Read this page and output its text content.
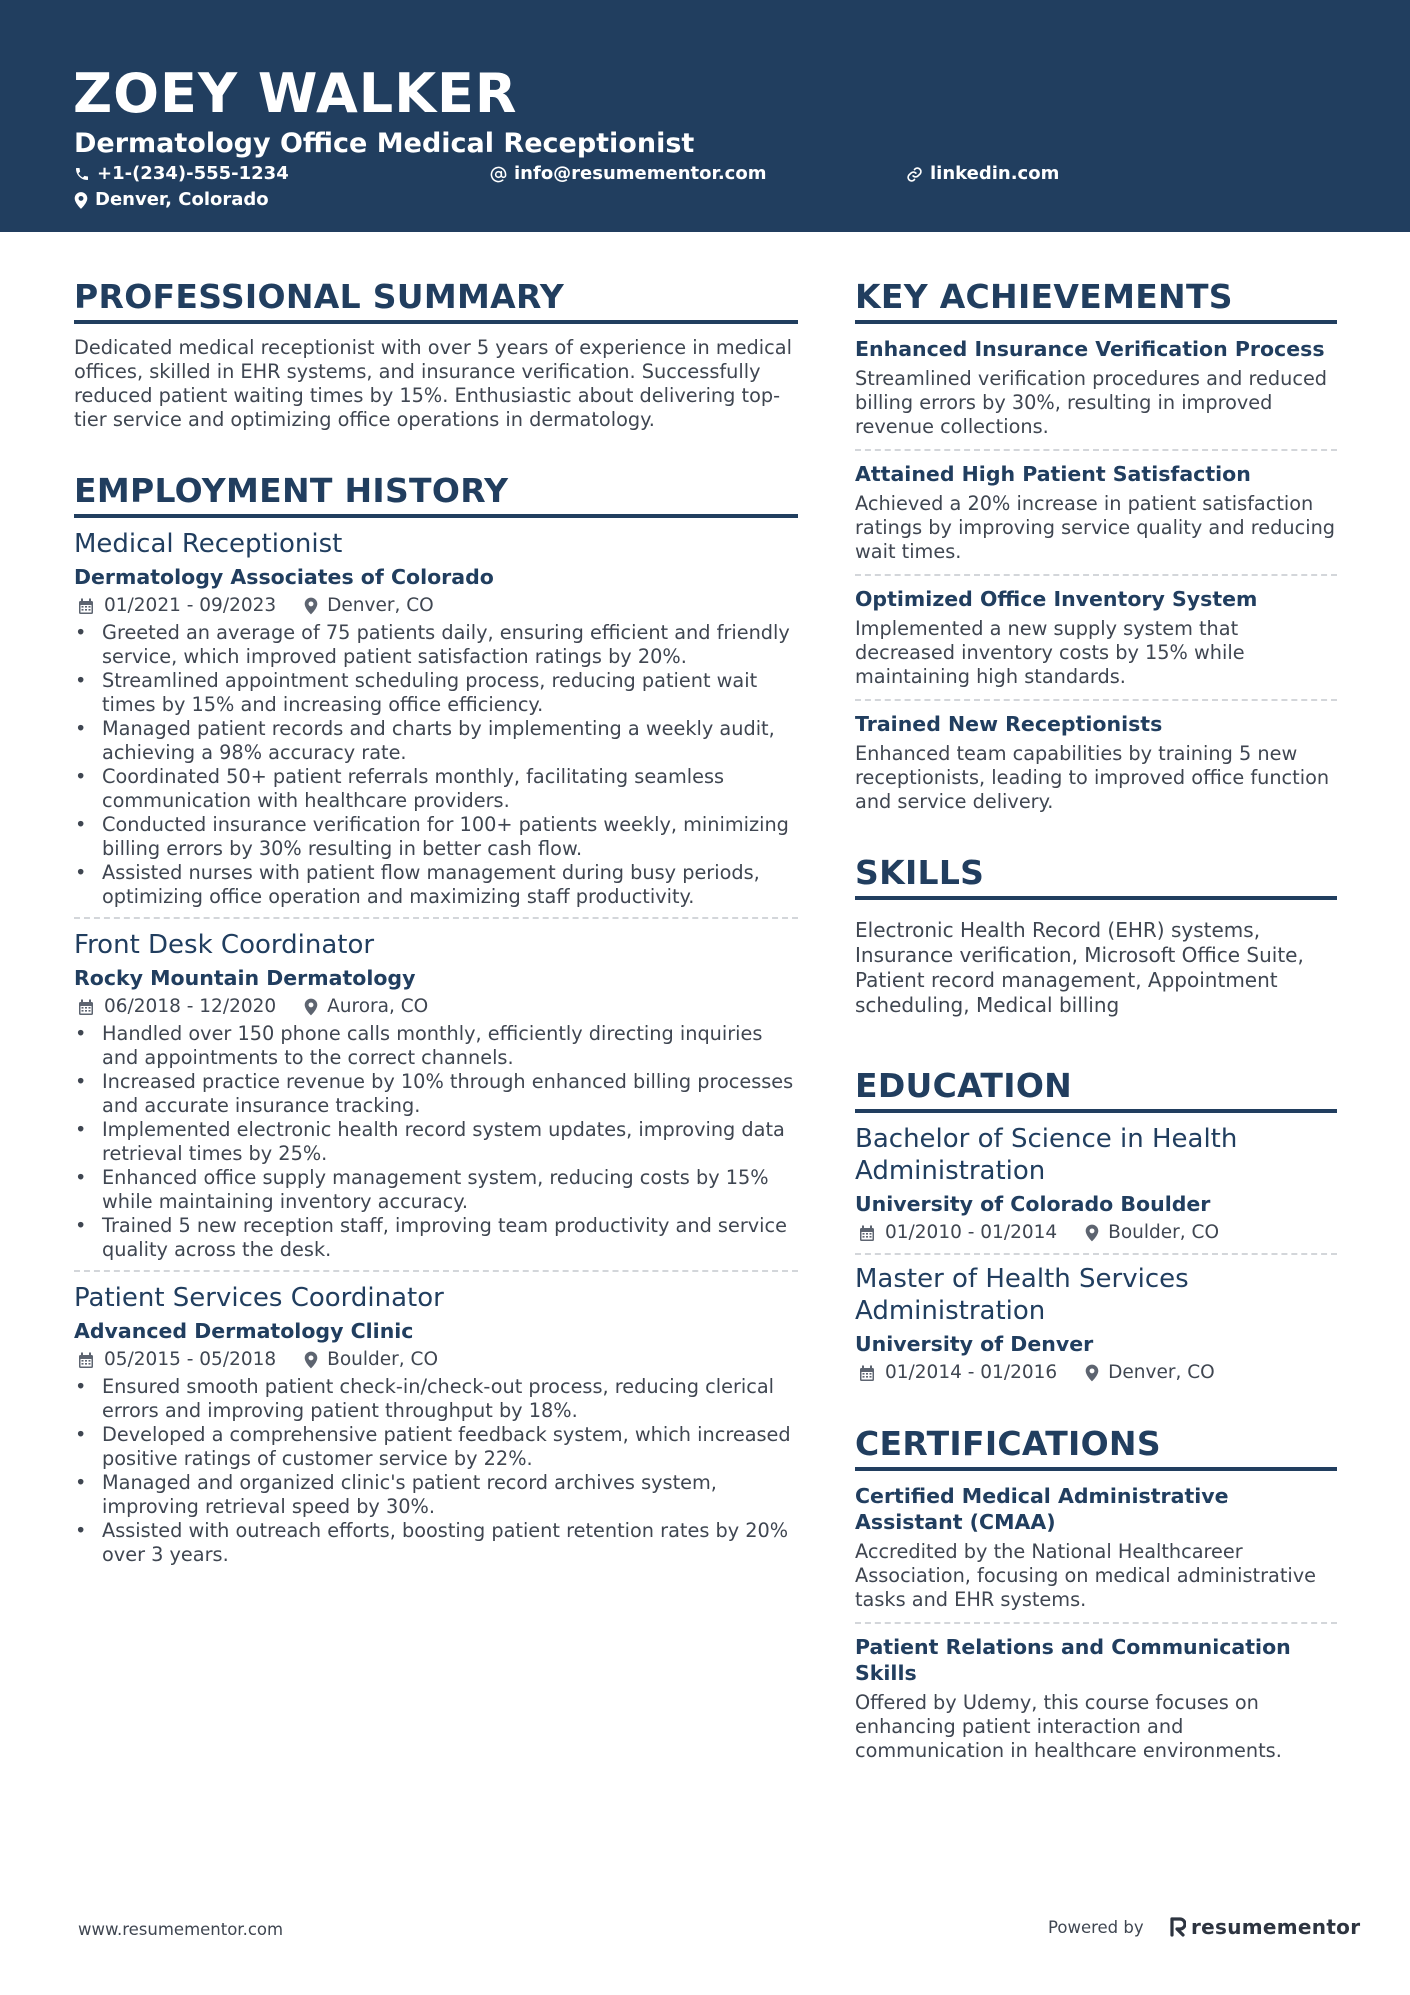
ZOEY WALKER
Dermatology Office Medical Receptionist
+1-(234)-555-1234	info@resumementor.com	linkedin.com
Denver, Colorado
PROFESSIONAL SUMMARY
Dedicated medical receptionist with over 5 years of experience in medical offices, skilled in EHR systems, and insurance verification. Successfully reduced patient waiting times by 15%. Enthusiastic about delivering top-tier service and optimizing office operations in dermatology.
EMPLOYMENT HISTORY
Medical Receptionist
Dermatology Associates of Colorado
01/2021 - 09/2023	Denver, CO
• Greeted an average of 75 patients daily, ensuring efficient and friendly service, which improved patient satisfaction ratings by 20%.
• Streamlined appointment scheduling process, reducing patient wait times by 15% and increasing office efficiency.
• Managed patient records and charts by implementing a weekly audit, achieving a 98% accuracy rate.
• Coordinated 50+ patient referrals monthly, facilitating seamless communication with healthcare providers.
• Conducted insurance verification for 100+ patients weekly, minimizing billing errors by 30% resulting in better cash flow.
• Assisted nurses with patient flow management during busy periods, optimizing office operation and maximizing staff productivity.
Front Desk Coordinator
Rocky Mountain Dermatology
06/2018 - 12/2020	Aurora, CO
• Handled over 150 phone calls monthly, efficiently directing inquiries and appointments to the correct channels.
• Increased practice revenue by 10% through enhanced billing processes and accurate insurance tracking.
• Implemented electronic health record system updates, improving data retrieval times by 25%.
• Enhanced office supply management system, reducing costs by 15% while maintaining inventory accuracy.
• Trained 5 new reception staff, improving team productivity and service quality across the desk.
Patient Services Coordinator
Advanced Dermatology Clinic
05/2015 - 05/2018	Boulder, CO
• Ensured smooth patient check-in/check-out process, reducing clerical errors and improving patient throughput by 18%.
• Developed a comprehensive patient feedback system, which increased positive ratings of customer service by 22%.
• Managed and organized clinic's patient record archives system, improving retrieval speed by 30%.
• Assisted with outreach efforts, boosting patient retention rates by 20% over 3 years.
KEY ACHIEVEMENTS
Enhanced Insurance Verification Process
Streamlined verification procedures and reduced billing errors by 30%, resulting in improved revenue collections.
Attained High Patient Satisfaction
Achieved a 20% increase in patient satisfaction ratings by improving service quality and reducing wait times.
Optimized Office Inventory System
Implemented a new supply system that decreased inventory costs by 15% while maintaining high standards.
Trained New Receptionists
Enhanced team capabilities by training 5 new receptionists, leading to improved office function and service delivery.
SKILLS
Electronic Health Record (EHR) systems, Insurance verification, Microsoft Office Suite, Patient record management, Appointment scheduling, Medical billing
EDUCATION
Bachelor of Science in Health Administration
University of Colorado Boulder
01/2010 - 01/2014	Boulder, CO
Master of Health Services Administration
University of Denver
01/2014 - 01/2016	Denver, CO
CERTIFICATIONS
Certified Medical Administrative Assistant (CMAA)
Accredited by the National Healthcareer Association, focusing on medical administrative tasks and EHR systems.
Patient Relations and Communication Skills
Offered by Udemy, this course focuses on enhancing patient interaction and communication in healthcare environments.
www.resumementor.com	Powered by resumementor
